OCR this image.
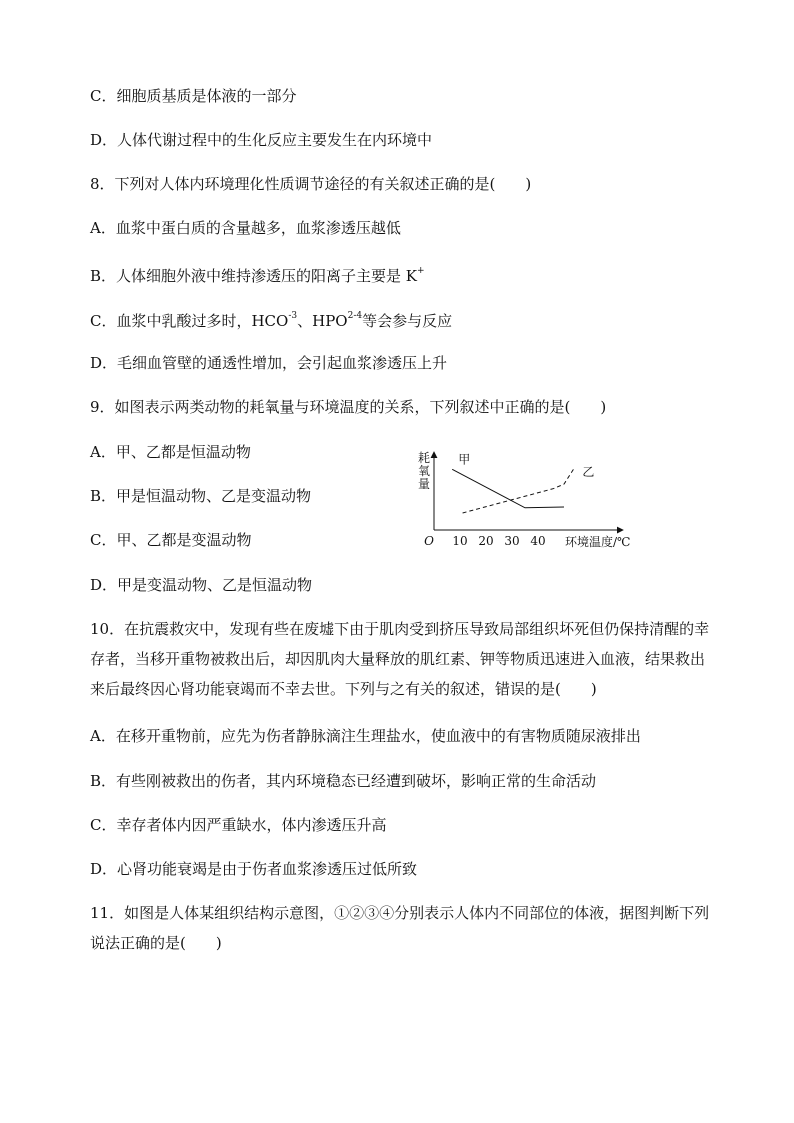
C．细胞质基质是体液的一部分
D．人体代谢过程中的生化反应主要发生在内环境中
8．下列对人体内环境理化性质调节途径的有关叙述正确的是(　　)
A．血浆中蛋白质的含量越多，血浆渗透压越低
B．人体细胞外液中维持渗透压的阳离子主要是 K+
C．血浆中乳酸过多时，$HCO^{-3}$、HPO$^{2-4}$等会参与反应
D．毛细血管壁的通透性增加，会引起血浆渗透压上升
9．如图表示两类动物的耗氧量与环境温度的关系，下列叙述中正确的是(　　)
A．甲、乙都是恒温动物
B．甲是恒温动物、乙是变温动物
C．甲、乙都是变温动物
D．甲是变温动物、乙是恒温动物
耗
氧
量
O 10 20 30 40 环境温度/℃
甲
乙
10．在抗震救灾中，发现有些在废墟下由于肌肉受到挤压导致局部组织坏死但仍保持清醒的幸存者，当移开重物被救出后，却因肌肉大量释放的肌红素、钾等物质迅速进入血液，结果救出来后最终因心肾功能衰竭而不幸去世。下列与之有关的叙述，错误的是(　　)
A．在移开重物前，应先为伤者静脉滴注生理盐水，使血液中的有害物质随尿液排出
B．有些刚被救出的伤者，其内环境稳态已经遭到破坏，影响正常的生命活动
C．幸存者体内因严重缺水，体内渗透压升高
D．心肾功能衰竭是由于伤者血浆渗透压过低所致
11．如图是人体某组织结构示意图，①②③④分别表示人体内不同部位的体液，据图判断下列说法正确的是(　　)
